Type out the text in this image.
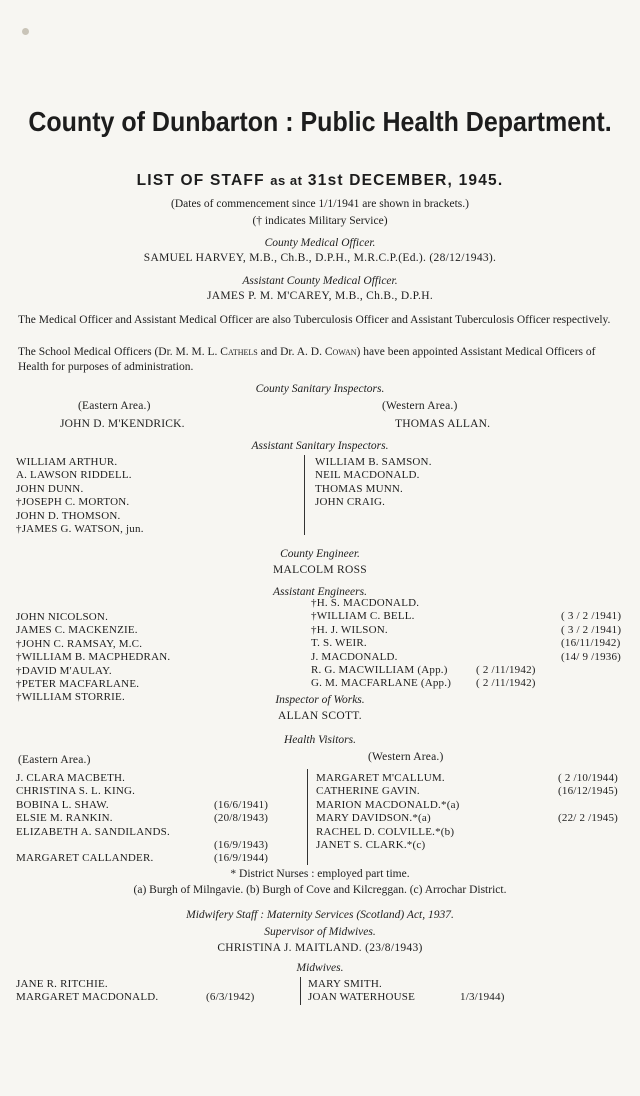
County of Dunbarton : Public Health Department.
LIST OF STAFF as at 31st DECEMBER, 1945.
(Dates of commencement since 1/1/1941 are shown in brackets.)
(† indicates Military Service)
County Medical Officer.
SAMUEL HARVEY, M.B., Ch.B., D.P.H., M.R.C.P.(Ed.). (28/12/1943).
Assistant County Medical Officer.
JAMES P. M. M'CAREY, M.B., Ch.B., D.P.H.
The Medical Officer and Assistant Medical Officer are also Tuberculosis Officer and Assistant Tuberculosis Officer respectively.
The School Medical Officers (Dr. M. M. L. Cathels and Dr. A. D. Cowan) have been appointed Assistant Medical Officers of Health for purposes of administration.
County Sanitary Inspectors.
(Eastern Area.)	(Western Area.)
JOHN D. M'KENDRICK.	THOMAS ALLAN.
Assistant Sanitary Inspectors.
WILLIAM ARTHUR.
A. LAWSON RIDDELL.
JOHN DUNN.
†JOSEPH C. MORTON.
JOHN D. THOMSON.
†JAMES G. WATSON, jun.
WILLIAM B. SAMSON.
NEIL MACDONALD.
THOMAS MUNN.
JOHN CRAIG.
County Engineer.
MALCOLM ROSS
Assistant Engineers.
JOHN NICOLSON.
JAMES C. MACKENZIE.
†JOHN C. RAMSAY, M.C.
†WILLIAM B. MACPHEDRAN.
†DAVID M'AULAY.
†PETER MACFARLANE.
†WILLIAM STORRIE.
†H. S. MACDONALD.
†WILLIAM C. BELL.	( 3 / 2 /1941)
†H. J. WILSON.	( 3 / 2 /1941)
T. S. WEIR.	(16/11/1942)
J. MACDONALD.	(14/ 9 /1936)
R. G. MACWILLIAM (App.)	( 2 /11/1942)
G. M. MACFARLANE (App.) ( 2 /11/1942)
Inspector of Works.
ALLAN SCOTT.
Health Visitors.
(Eastern Area.)	(Western Area.)
J. CLARA MACBETH.
CHRISTINA S. L. KING.
BOBINA L. SHAW.	(16/6/1941)
ELSIE M. RANKIN.	(20/8/1943)
ELIZABETH A. SANDILANDS.
(16/9/1943)
MARGARET CALLANDER.	(16/9/1944)
MARGARET M'CALLUM.	( 2 /10/1944)
CATHERINE GAVIN.	(16/12/1945)
MARION MACDONALD.*(a)
MARY DAVIDSON.*(a)	(22/ 2 /1945)
RACHEL D. COLVILLE.*(b)
JANET S. CLARK.*(c)
* District Nurses : employed part time.
(a) Burgh of Milngavie. (b) Burgh of Cove and Kilcreggan. (c) Arrochar District.
Midwifery Staff : Maternity Services (Scotland) Act, 1937.
Supervisor of Midwives.
CHRISTINA J. MAITLAND. (23/8/1943)
Midwives.
JANE R. RITCHIE.
MARGARET MACDONALD.	(6/3/1942)
MARY SMITH.
JOAN WATERHOUSE	1/3/1944)
